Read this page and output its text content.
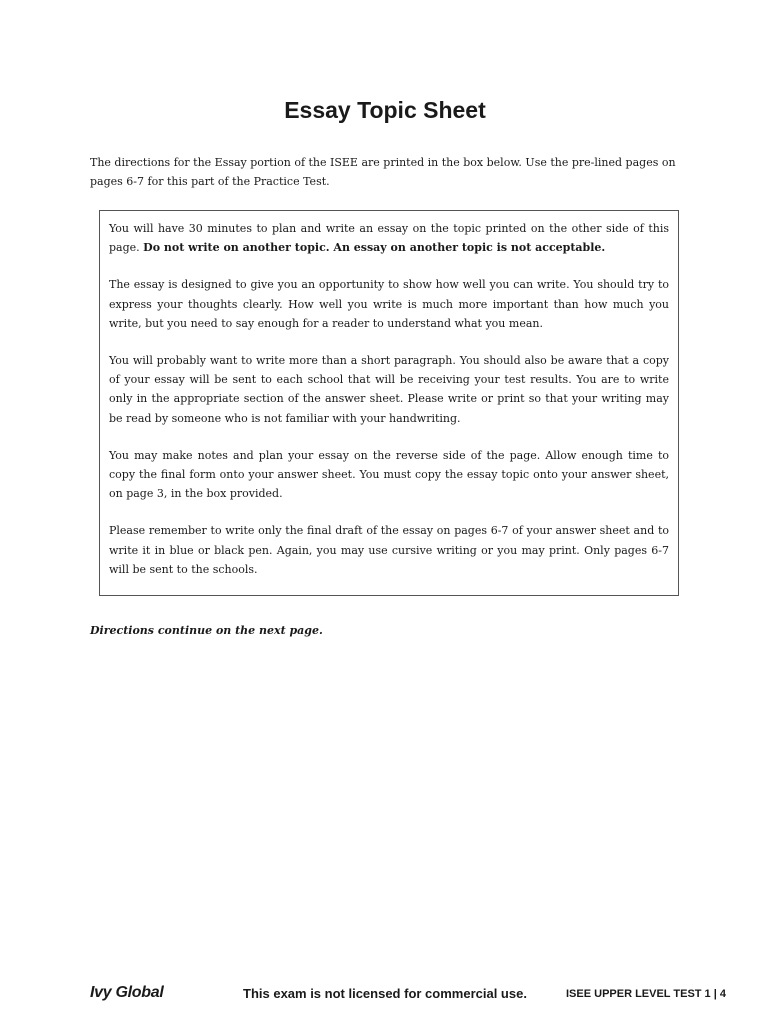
Essay Topic Sheet

The directions for the Essay portion of the ISEE are printed in the box below. Use the pre-lined pages on pages 6-7 for this part of the Practice Test.

You will have 30 minutes to plan and write an essay on the topic printed on the other side of this page. Do not write on another topic. An essay on another topic is not acceptable.

The essay is designed to give you an opportunity to show how well you can write. You should try to express your thoughts clearly. How well you write is much more important than how much you write, but you need to say enough for a reader to understand what you mean.

You will probably want to write more than a short paragraph. You should also be aware that a copy of your essay will be sent to each school that will be receiving your test results. You are to write only in the appropriate section of the answer sheet. Please write or print so that your writing may be read by someone who is not familiar with your handwriting.

You may make notes and plan your essay on the reverse side of the page. Allow enough time to copy the final form onto your answer sheet. You must copy the essay topic onto your answer sheet, on page 3, in the box provided.

Please remember to write only the final draft of the essay on pages 6-7 of your answer sheet and to write it in blue or black pen. Again, you may use cursive writing or you may print. Only pages 6-7 will be sent to the schools.

Directions continue on the next page.

Ivy Global	This exam is not licensed for commercial use.	ISEE UPPER LEVEL TEST 1 | 4
